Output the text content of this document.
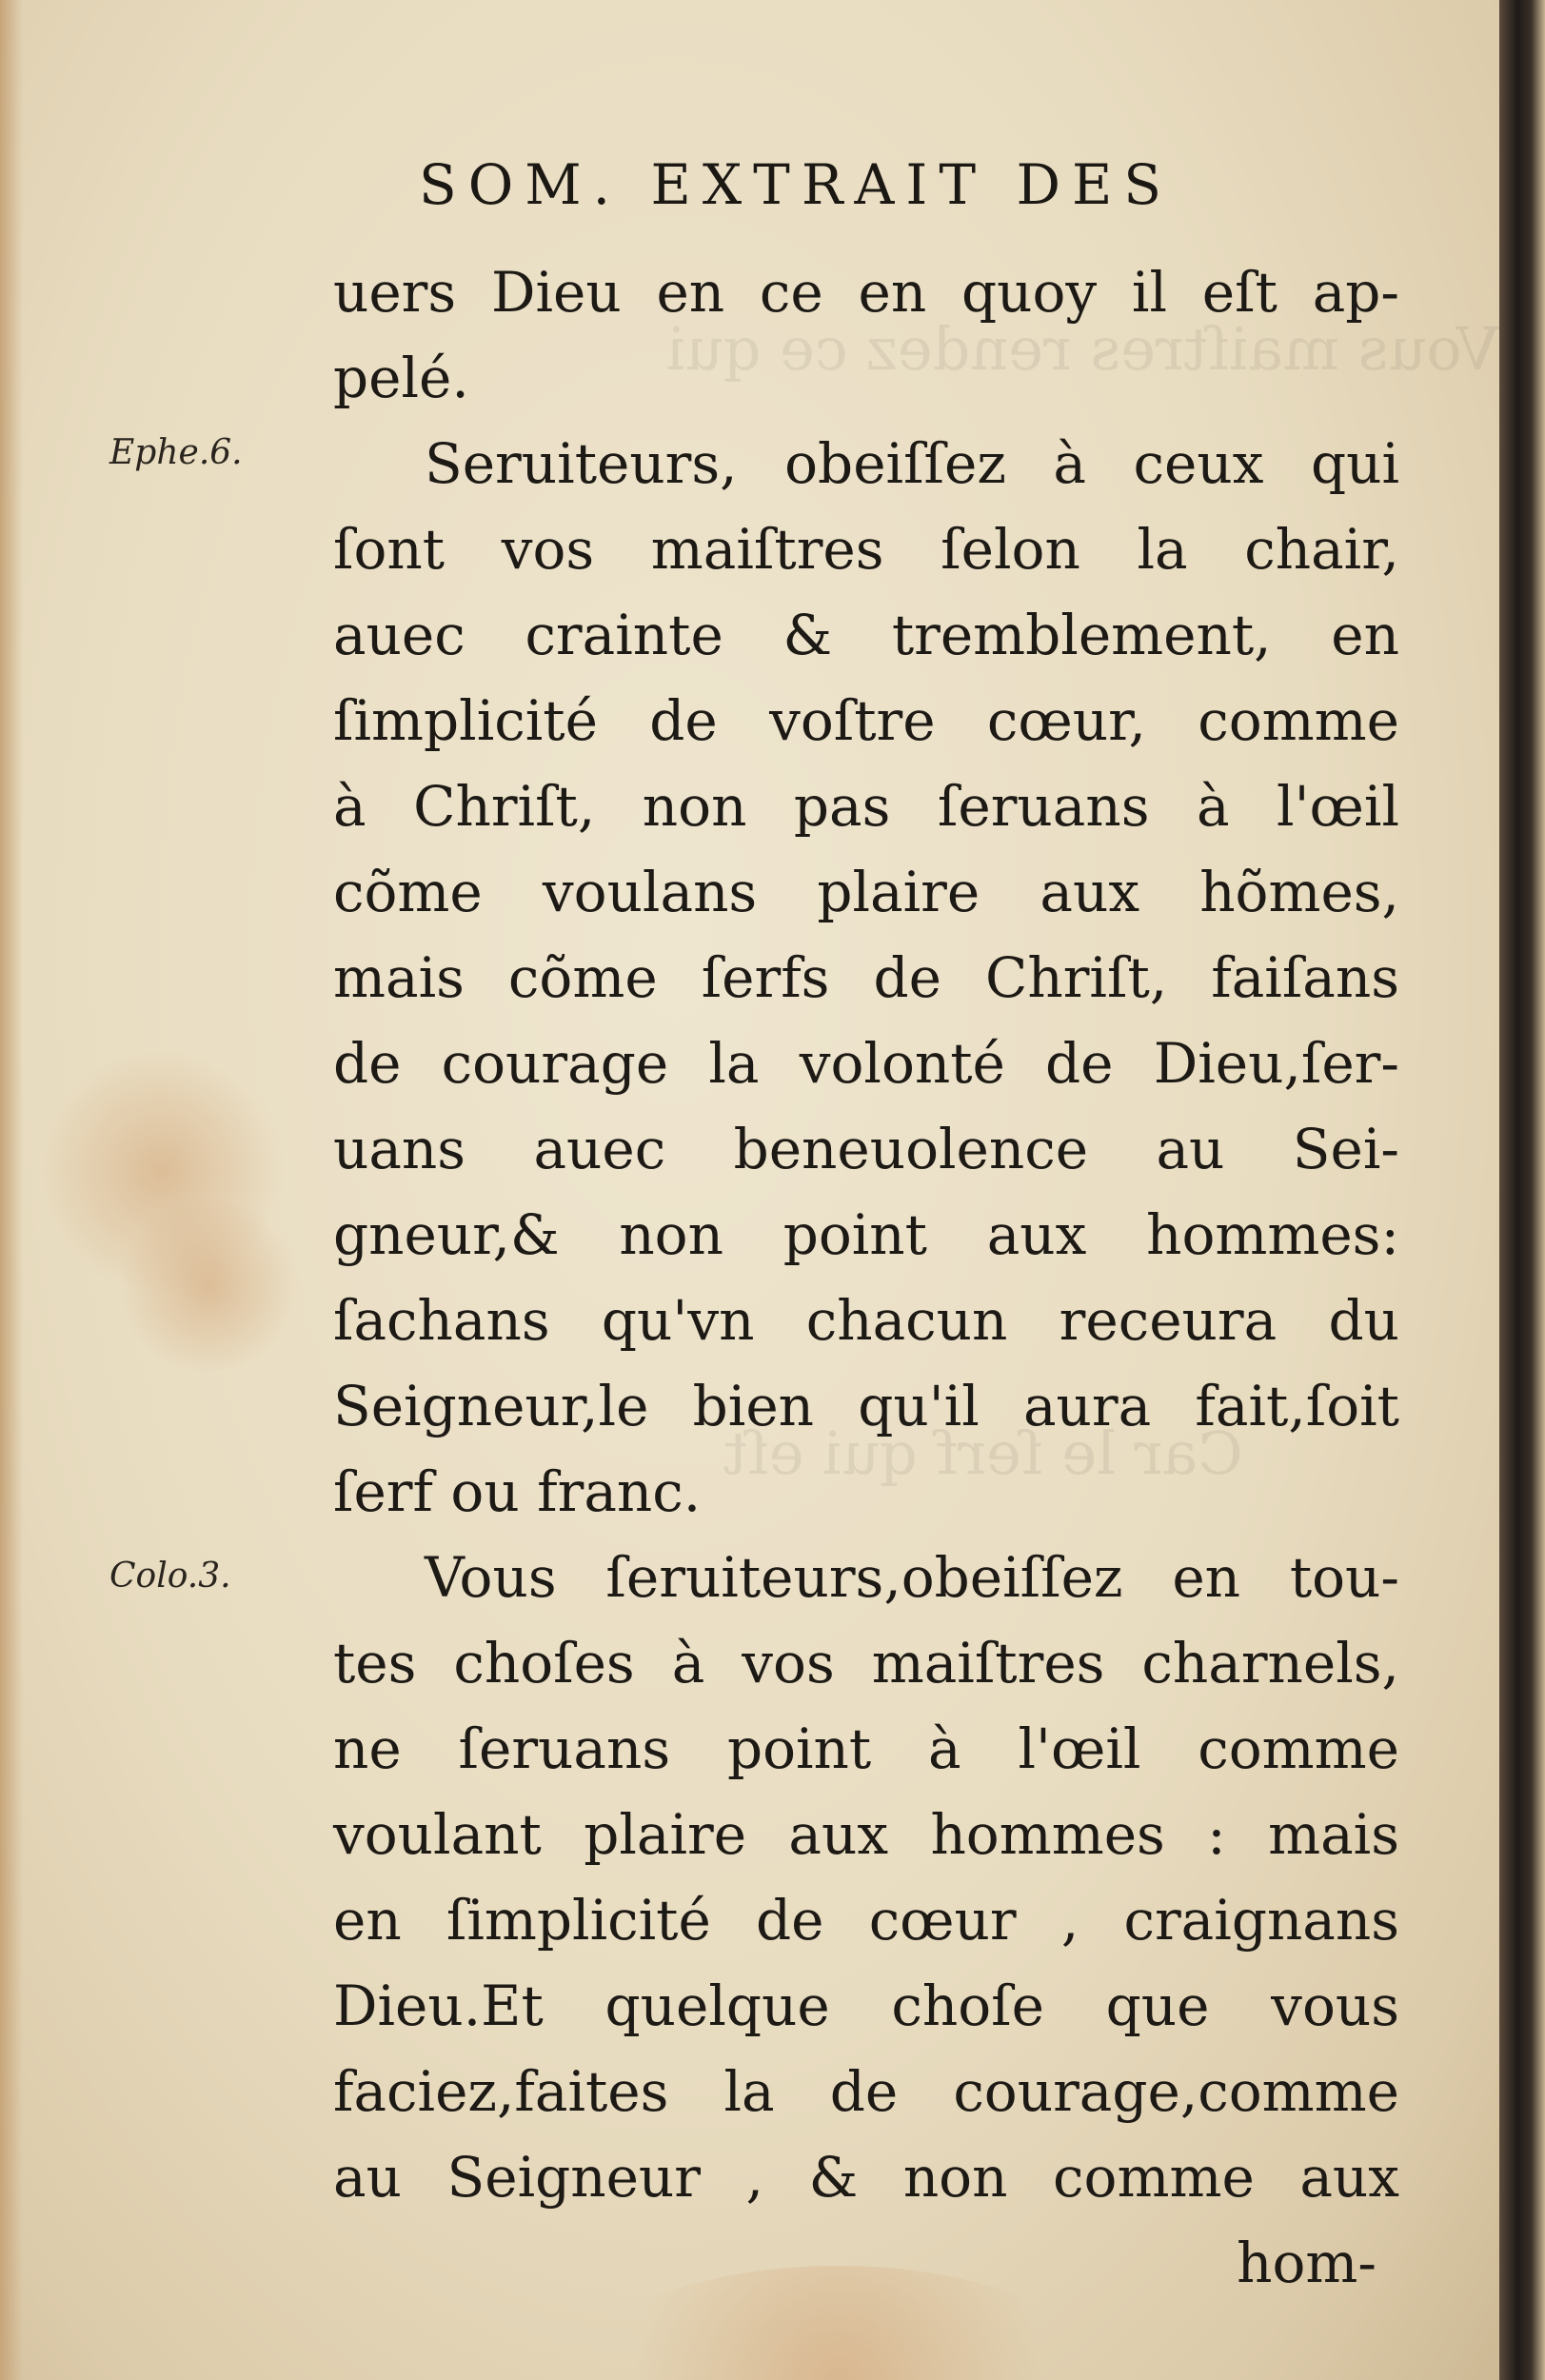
Vous maiſtres rendez ce qui
Car le ſerf qui eſt
SOM. EXTRAIT DES
Ephe.6.
Colo.3.
uers Dieu en ce en quoy il eſt ap-
pelé.
Seruiteurs, obeiſſez à ceux qui
ſont vos maiſtres ſelon la chair,
auec crainte & tremblement, en
ſimplicité de voſtre cœur, comme
à Chriſt, non pas ſeruans à l'œil
cõme voulans plaire aux hõmes,
mais cõme ſerfs de Chriſt, faiſans
de courage la volonté de Dieu,ſer-
uans auec beneuolence au Sei-
gneur,& non point aux hommes:
ſachans qu'vn chacun receura du
Seigneur,le bien qu'il aura fait,ſoit
ſerf ou franc.
Vous ſeruiteurs,obeiſſez en tou-
tes choſes à vos maiſtres charnels,
ne ſeruans point à l'œil comme
voulant plaire aux hommes : mais
en ſimplicité de cœur , craignans
Dieu.Et quelque choſe que vous
faciez,faites la de courage,comme
au Seigneur , & non comme aux
hom-
